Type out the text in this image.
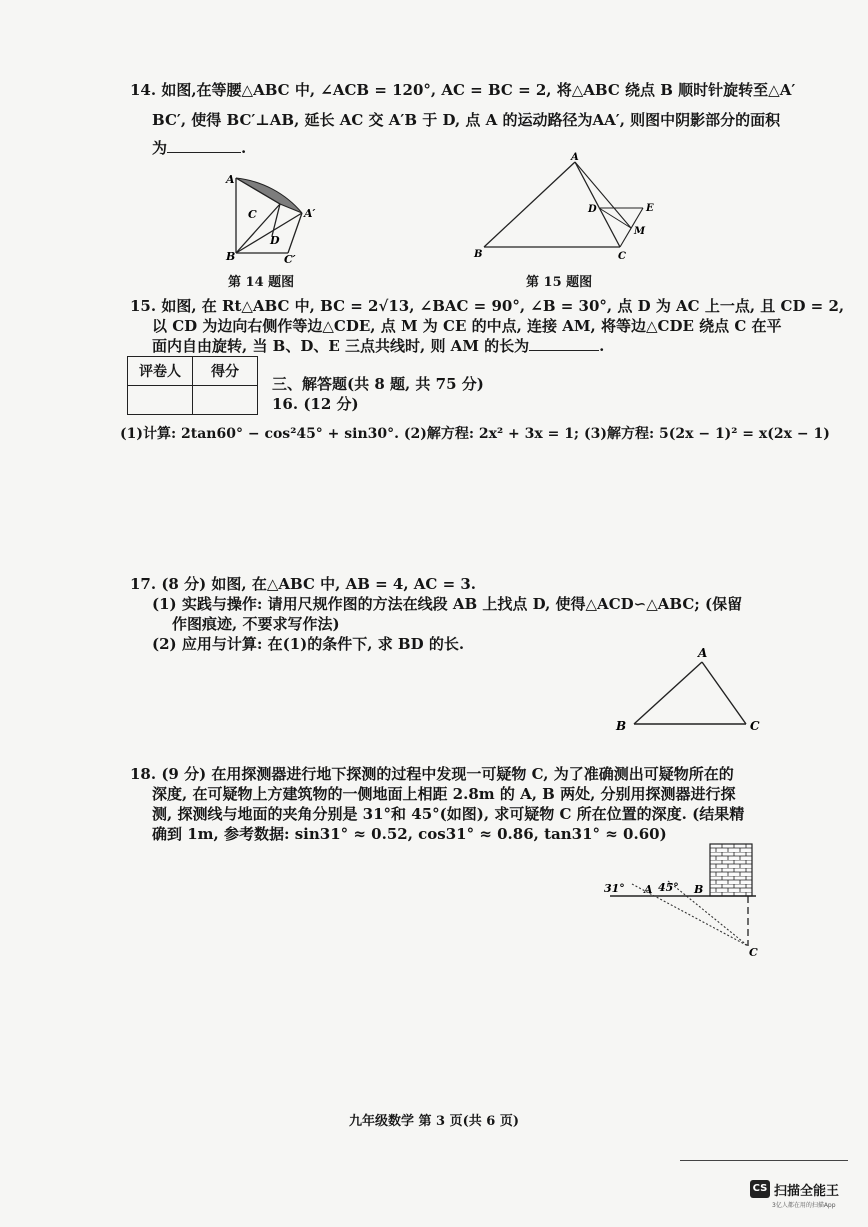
14. 如图,在等腰△ABC 中, ∠ACB = 120°, AC = BC = 2, 将△ABC 绕点 B 顺时针旋转至△A′
BC′, 使得 BC′⊥AB, 延长 AC 交 A′B 于 D, 点 A 的运动路径为AA′, 则图中阴影部分的面积
为	.
A
A′
B
C
C′
D
第 14 题图
A
B	C
D	E
M
第 15 题图
15. 如图, 在 Rt△ABC 中, BC = 2√13, ∠BAC = 90°, ∠B = 30°, 点 D 为 AC 上一点, 且 CD = 2,
以 CD 为边向右侧作等边△CDE, 点 M 为 CE 的中点, 连接 AM, 将等边△CDE 绕点 C 在平
面内自由旋转, 当 B、D、E 三点共线时, 则 AM 的长为	.
评卷人	得分

三、解答题(共 8 题, 共 75 分)
16. (12 分)
(1)计算: 2tan60° − cos²45° + sin30°. (2)解方程: 2x² + 3x = 1; (3)解方程: 5(2x − 1)² = x(2x − 1)
17. (8 分) 如图, 在△ABC 中, AB = 4, AC = 3.
(1) 实践与操作: 请用尺规作图的方法在线段 AB 上找点 D, 使得△ACD∽△ABC; (保留
作图痕迹, 不要求写作法)
(2) 应用与计算: 在(1)的条件下, 求 BD 的长.	A
B	C
18. (9 分) 在用探测器进行地下探测的过程中发现一可疑物 C, 为了准确测出可疑物所在的
深度, 在可疑物上方建筑物的一侧地面上相距 2.8m 的 A, B 两处, 分别用探测器进行探
测, 探测线与地面的夹角分别是 31°和 45°(如图), 求可疑物 C 所在位置的深度. (结果精
确到 1m, 参考数据: sin31° ≈ 0.52, cos31° ≈ 0.86, tan31° ≈ 0.60)
31° A 45° B
C
九年级数学 第 3 页(共 6 页)
CS 扫描全能王
3亿人都在用的扫描App
